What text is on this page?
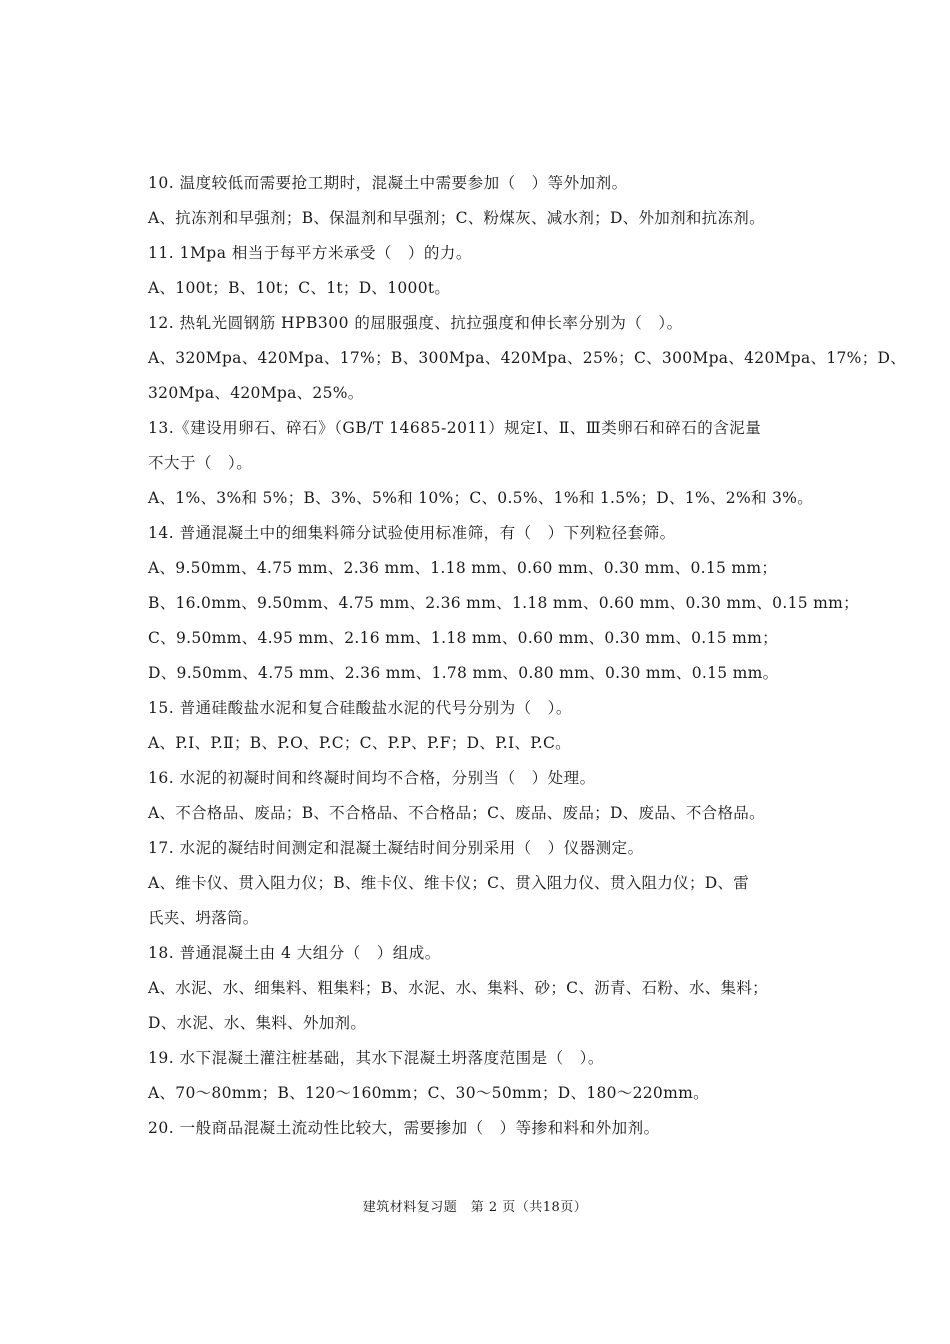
10. 温度较低而需要抢工期时，混凝土中需要参加（　）等外加剂。
A、抗冻剂和早强剂；B、保温剂和早强剂；C、粉煤灰、减水剂；D、外加剂和抗冻剂。
11. 1Mpa 相当于每平方米承受（　）的力。
A、100t；B、10t；C、1t；D、1000t。
12. 热轧光圆钢筋 HPB300 的屈服强度、抗拉强度和伸长率分别为（　）。
A、320Mpa、420Mpa、17%；B、300Mpa、420Mpa、25%；C、300Mpa、420Mpa、17%；D、
320Mpa、420Mpa、25%。
13.《建设用卵石、碎石》（GB/T 14685-2011）规定Ⅰ、Ⅱ、Ⅲ类卵石和碎石的含泥量
不大于（　）。
A、1%、3%和 5%；B、3%、5%和 10%；C、0.5%、1%和 1.5%；D、1%、2%和 3%。
14. 普通混凝土中的细集料筛分试验使用标准筛，有（　）下列粒径套筛。
A、9.50mm、4.75 mm、2.36 mm、1.18 mm、0.60 mm、0.30 mm、0.15 mm；
B、16.0mm、9.50mm、4.75 mm、2.36 mm、1.18 mm、0.60 mm、0.30 mm、0.15 mm；
C、9.50mm、4.95 mm、2.16 mm、1.18 mm、0.60 mm、0.30 mm、0.15 mm；
D、9.50mm、4.75 mm、2.36 mm、1.78 mm、0.80 mm、0.30 mm、0.15 mm。
15. 普通硅酸盐水泥和复合硅酸盐水泥的代号分别为（　）。
A、P.Ⅰ、P.Ⅱ；B、P.O、P.C；C、P.P、P.F；D、P.Ⅰ、P.C。
16. 水泥的初凝时间和终凝时间均不合格，分别当（　）处理。
A、不合格品、废品；B、不合格品、不合格品；C、废品、废品；D、废品、不合格品。
17. 水泥的凝结时间测定和混凝土凝结时间分别采用（　）仪器测定。
A、维卡仪、贯入阻力仪；B、维卡仪、维卡仪；C、贯入阻力仪、贯入阻力仪；D、雷
氏夹、坍落筒。
18. 普通混凝土由 4 大组分（　）组成。
A、水泥、水、细集料、粗集料；B、水泥、水、集料、砂；C、沥青、石粉、水、集料；
D、水泥、水、集料、外加剂。
19. 水下混凝土灌注桩基础，其水下混凝土坍落度范围是（　）。
A、70～80mm；B、120～160mm；C、30～50mm；D、180～220mm。
20. 一般商品混凝土流动性比较大，需要掺加（　）等掺和料和外加剂。
建筑材料复习题　第 2 页（共18页）
